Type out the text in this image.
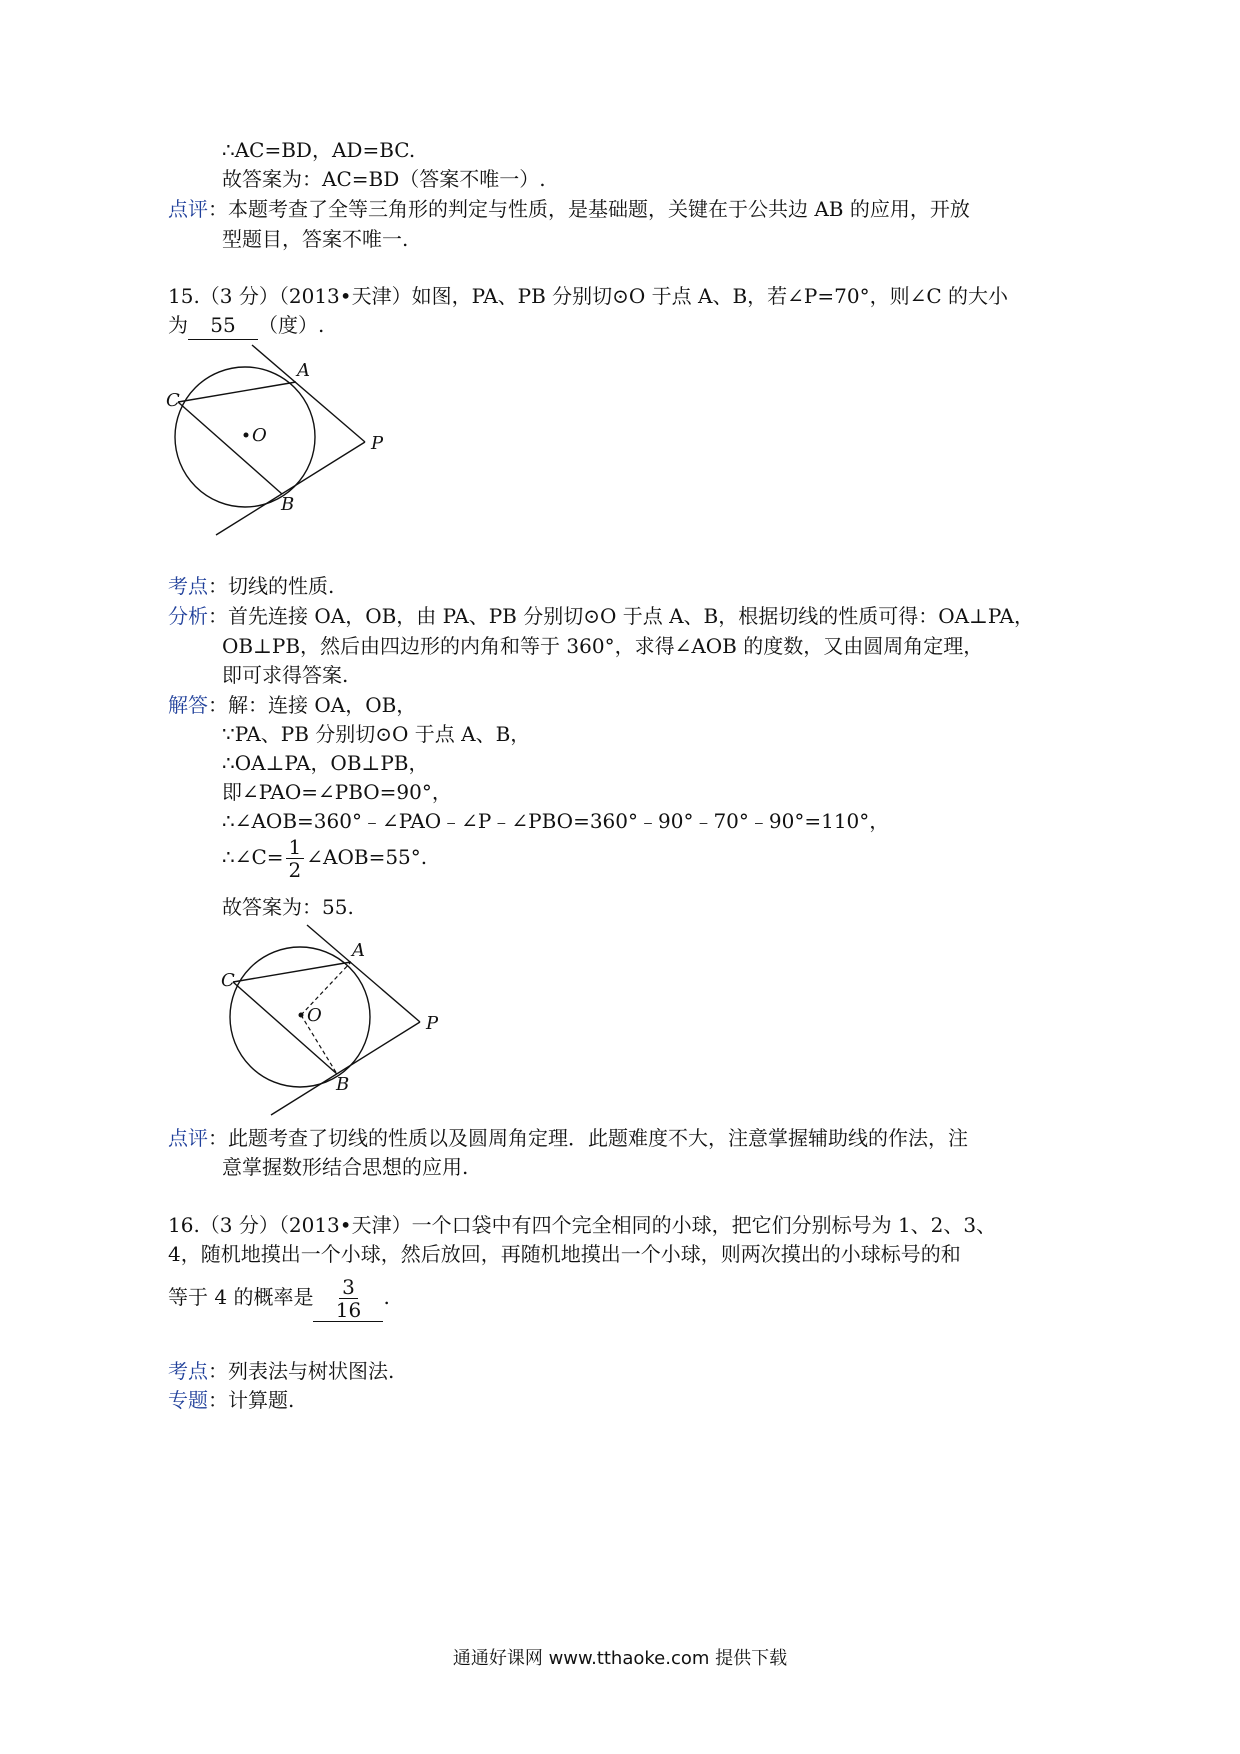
∴AC=BD，AD=BC.
故答案为：AC=BD（答案不唯一）.
点评：本题考查了全等三角形的判定与性质，是基础题，关键在于公共边 AB 的应用，开放
型题目，答案不唯一.
15.（3 分）（2013•天津）如图，PA、PB 分别切⊙O 于点 A、B，若∠P=70°，则∠C 的大小
为 55 （度）.
C
A
O	P
B
考点：切线的性质.
分析：首先连接 OA，OB，由 PA、PB 分别切⊙O 于点 A、B，根据切线的性质可得：OA⊥PA，
OB⊥PB，然后由四边形的内角和等于 360°，求得∠AOB 的度数，又由圆周角定理，
即可求得答案.
解答：解：连接 OA，OB，
∵PA、PB 分别切⊙O 于点 A、B，
∴OA⊥PA，OB⊥PB，
即∠PAO=∠PBO=90°，
∴∠AOB=360°﹣∠PAO﹣∠P﹣∠PBO=360°﹣90°﹣70°﹣90°=110°，
∴∠C= $\frac{1}{2}$ ∠AOB=55°.
故答案为：55.
C
A
O	P
B
点评：此题考查了切线的性质以及圆周角定理．此题难度不大，注意掌握辅助线的作法，注
意掌握数形结合思想的应用.
16.（3 分）（2013•天津）一个口袋中有四个完全相同的小球，把它们分别标号为 1、2、3、
4，随机地摸出一个小球，然后放回，再随机地摸出一个小球，则两次摸出的小球标号的和
等于 4 的概率是 $\frac{3}{16}$ .
考点：列表法与树状图法.
专题：计算题.
通通好课网 www.tthaoke.com 提供下载
